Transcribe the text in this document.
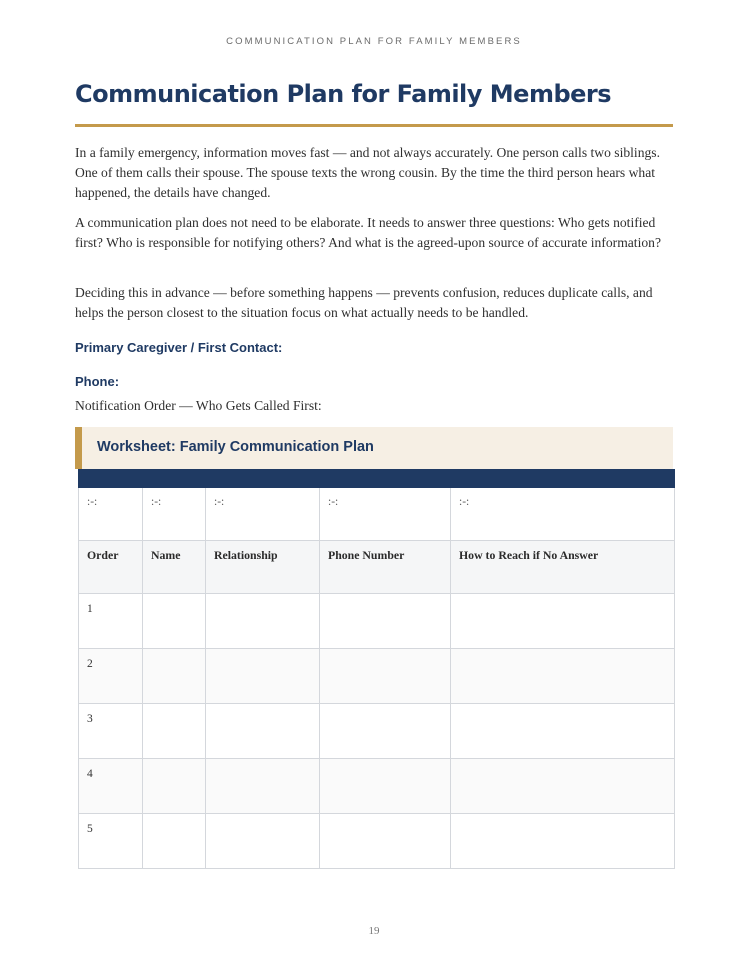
COMMUNICATION PLAN FOR FAMILY MEMBERS
Communication Plan for Family Members

In a family emergency, information moves fast — and not always accurately. One person calls two siblings. One of them calls their spouse. The spouse texts the wrong cousin. By the time the third person hears what happened, the details have changed.

A communication plan does not need to be elaborate. It needs to answer three questions: Who gets notified first? Who is responsible for notifying others? And what is the agreed-upon source of accurate information?

Deciding this in advance — before something happens — prevents confusion, reduces duplicate calls, and helps the person closest to the situation focus on what actually needs to be handled.

Primary Caregiver / First Contact:

Phone:

Notification Order — Who Gets Called First:

Worksheet: Family Communication Plan

:-:	:-:	:-:	:-:	:-:
Order	Name	Relationship	Phone Number	How to Reach if No Answer
1				
2				
3				
4				
5				
19
